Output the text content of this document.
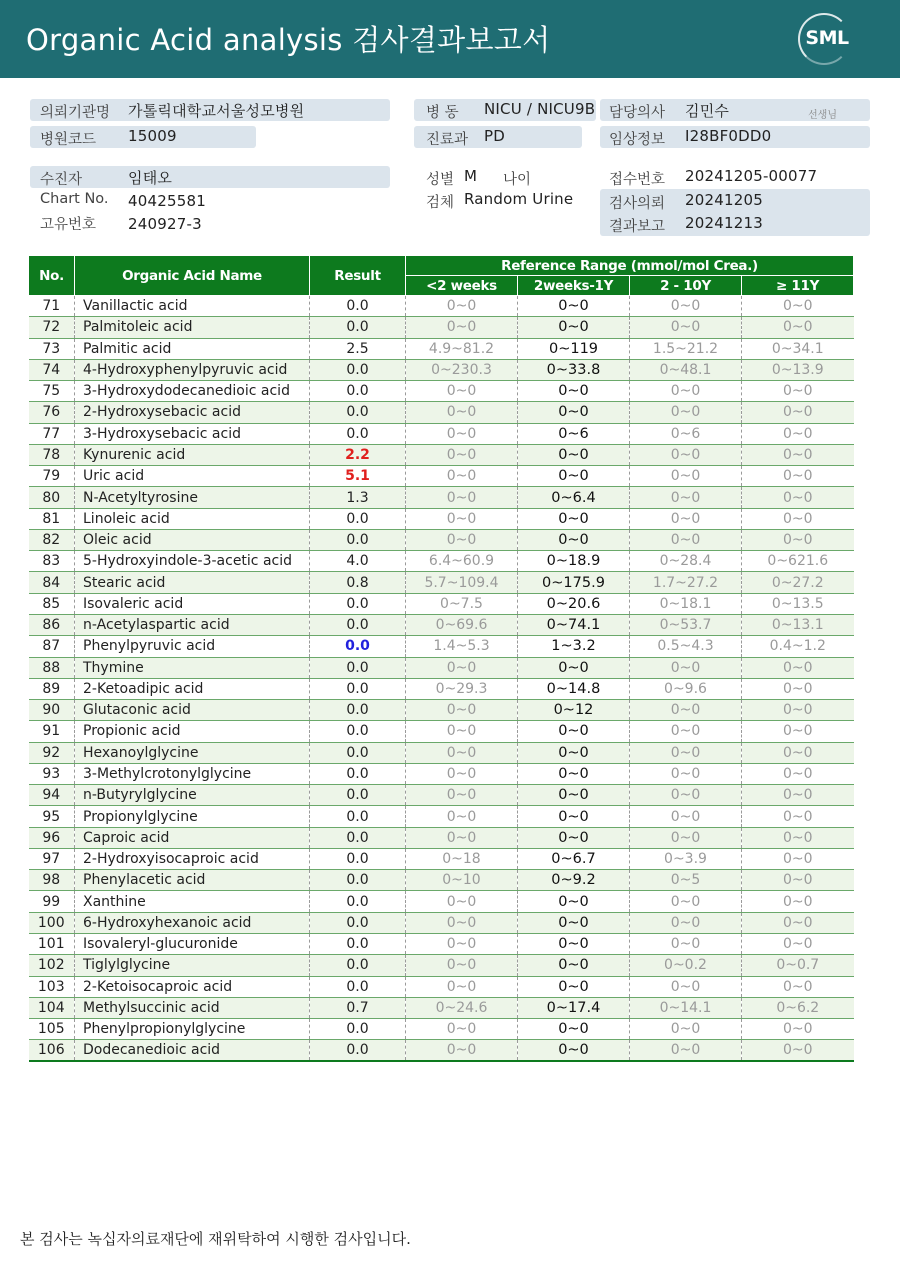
Organic Acid analysis 검사결과보고서	SML
의뢰기관명 가톨릭대학교서울성모병원
병원코드 15009
수진자	임태오
Chart No. 40425581
고유번호 240927-3
병 동 NICU / NICU9B
진료과 PD
성별 M 나이
검체 Random Urine
담당의사 김민수	선생님
임상정보 I28BF0DD0
접수번호 20241205-00077
검사의뢰 20241205
결과보고 20241213
No.	Organic Acid Name	Result	Reference Range (mmol/mol Crea.)			
			<2 weeks	2weeks-1Y	2 - 10Y	≥ 11Y
71	Vanillactic acid	0.0	0~0	0~0	0~0	0~0
72	Palmitoleic acid	0.0	0~0	0~0	0~0	0~0
73	Palmitic acid	2.5	4.9~81.2	0~119	1.5~21.2	0~34.1
74	4-Hydroxyphenylpyruvic acid	0.0	0~230.3	0~33.8	0~48.1	0~13.9
75	3-Hydroxydodecanedioic acid	0.0	0~0	0~0	0~0	0~0
76	2-Hydroxysebacic acid	0.0	0~0	0~0	0~0	0~0
77	3-Hydroxysebacic acid	0.0	0~0	0~6	0~6	0~0
78	Kynurenic acid	2.2	0~0	0~0	0~0	0~0
79	Uric acid	5.1	0~0	0~0	0~0	0~0
80	N-Acetyltyrosine	1.3	0~0	0~6.4	0~0	0~0
81	Linoleic acid	0.0	0~0	0~0	0~0	0~0
82	Oleic acid	0.0	0~0	0~0	0~0	0~0
83	5-Hydroxyindole-3-acetic acid	4.0	6.4~60.9	0~18.9	0~28.4	0~621.6
84	Stearic acid	0.8	5.7~109.4	0~175.9	1.7~27.2	0~27.2
85	Isovaleric acid	0.0	0~7.5	0~20.6	0~18.1	0~13.5
86	n-Acetylaspartic acid	0.0	0~69.6	0~74.1	0~53.7	0~13.1
87	Phenylpyruvic acid	0.0	1.4~5.3	1~3.2	0.5~4.3	0.4~1.2
88	Thymine	0.0	0~0	0~0	0~0	0~0
89	2-Ketoadipic acid	0.0	0~29.3	0~14.8	0~9.6	0~0
90	Glutaconic acid	0.0	0~0	0~12	0~0	0~0
91	Propionic acid	0.0	0~0	0~0	0~0	0~0
92	Hexanoylglycine	0.0	0~0	0~0	0~0	0~0
93	3-Methylcrotonylglycine	0.0	0~0	0~0	0~0	0~0
94	n-Butyrylglycine	0.0	0~0	0~0	0~0	0~0
95	Propionylglycine	0.0	0~0	0~0	0~0	0~0
96	Caproic acid	0.0	0~0	0~0	0~0	0~0
97	2-Hydroxyisocaproic acid	0.0	0~18	0~6.7	0~3.9	0~0
98	Phenylacetic acid	0.0	0~10	0~9.2	0~5	0~0
99	Xanthine	0.0	0~0	0~0	0~0	0~0
100	6-Hydroxyhexanoic acid	0.0	0~0	0~0	0~0	0~0
101	Isovaleryl-glucuronide	0.0	0~0	0~0	0~0	0~0
102	Tiglylglycine	0.0	0~0	0~0	0~0.2	0~0.7
103	2-Ketoisocaproic acid	0.0	0~0	0~0	0~0	0~0
104	Methylsuccinic acid	0.7	0~24.6	0~17.4	0~14.1	0~6.2
105	Phenylpropionylglycine	0.0	0~0	0~0	0~0	0~0
106	Dodecanedioic acid	0.0	0~0	0~0	0~0	0~0
본 검사는 녹십자의료재단에 재위탁하여 시행한 검사입니다.
